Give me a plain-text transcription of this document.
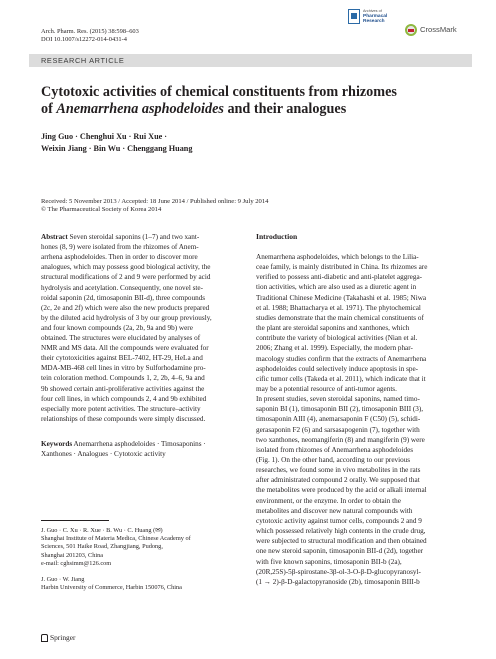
Arch. Pharm. Res. (2015) 38:598–603
DOI 10.1007/s12272-014-0431-4
Archives of
Pharmacal Research
CrossMark
RESEARCH ARTICLE
Cytotoxic activities of chemical constituents from rhizomes
of Anemarrhena asphodeloides and their analogues
Jing Guo · Chenghui Xu · Rui Xue ·
Weixin Jiang · Bin Wu · Chenggang Huang
Received: 5 November 2013 / Accepted: 18 June 2014 / Published online: 9 July 2014
© The Pharmaceutical Society of Korea 2014
Abstract Seven steroidal saponins (1–7) and two xant-
hones (8, 9) were isolated from the rhizomes of Anem-
arrhena asphodeloides. Then in order to discover more
analogues, which may possess good biological activity, the
structural modifications of 2 and 9 were performed by acid
hydrolysis and acetylation. Consequently, one novel ste-
roidal saponin (2d, timosaponin BII-d), three compounds
(2c, 2e and 2f) which were also the new products prepared
by the diluted acid hydrolysis of 3 by our group previously,
and four known compounds (2a, 2b, 9a and 9b) were
obtained. The structures were elucidated by analyses of
NMR and MS data. All the compounds were evaluated for
their cytotoxicities against BEL-7402, HT-29, HeLa and
MDA-MB-468 cell lines in vitro by Sulforhodamine pro-
tein coloration method. Compounds 1, 2, 2b, 4–6, 9a and
9b showed certain anti-proliferative activities against the
four cell lines, in which compounds 2, 4 and 9b exhibited
especially more potent activities. The structure–activity
relationships of these compounds were simply discussed.
Keywords Anemarrhena asphodeloides · Timosaponins ·
Xanthones · Analogues · Cytotoxic activity
J. Guo · C. Xu · R. Xue · B. Wu · C. Huang (✉)
Shanghai Institute of Materia Medica, Chinese Academy of
Sciences, 501 Haike Road, Zhangjiang, Pudong,
Shanghai 201203, China
e-mail: cghsimm@126.com
J. Guo · W. Jiang
Harbin University of Commerce, Harbin 150076, China
Introduction
Anemarrhena asphodeloides, which belongs to the Lilia-
ceae family, is mainly distributed in China. Its rhizomes are
verified to possess anti-diabetic and anti-platelet aggrega-
tion activities, which are also used as a diuretic agent in
Traditional Chinese Medicine (Takahashi et al. 1985; Niwa
et al. 1988; Bhattacharya et al. 1971). The phytochemical
studies demonstrate that the main chemical constituents of
the plant are steroidal saponins and xanthones, which
contribute the variety of biological activities (Nian et al.
2006; Zhang et al. 1999). Especially, the modern phar-
macology studies confirm that the extracts of Anemarrhena
asphodeloides could selectively induce apoptosis in spe-
cific tumor cells (Takeda et al. 2011), which indicate that it
may be a potential resource of anti-tumor agents.
In present studies, seven steroidal saponins, named timo-
saponin BI (1), timosaponin BII (2), timosaponin BIII (3),
timosaponin AIII (4), anemarsaponin F (C50) (5), schidi-
gerasaponin F2 (6) and sarsasapogenin (7), together with
two xanthones, neomangiferin (8) and mangiferin (9) were
isolated from rhizomes of Anemarrhena asphodeloides
(Fig. 1). On the other hand, according to our previous
researches, we found some in vivo metabolites in the rats
after administrated compound 2 orally. We supposed that
the metabolites were produced by the acid or alkali internal
environment, or the enzyme. In order to obtain the
metabolites and discover new natural compounds with
cytotoxic activity against tumor cells, compounds 2 and 9
which possessed relatively high contents in the crude drug,
were subjected to structural modification and then obtained
one new steroid saponin, timosaponin BII-d (2d), together
with five known saponins, timosaponin BII-b (2a),
(20R,25S)-5β-spirostane-3β-ol-3-O-β-D-glucopyranosyl-
(1 → 2)-β-D-galactopyranoside (2b), timosaponin BIII-b
Springer
